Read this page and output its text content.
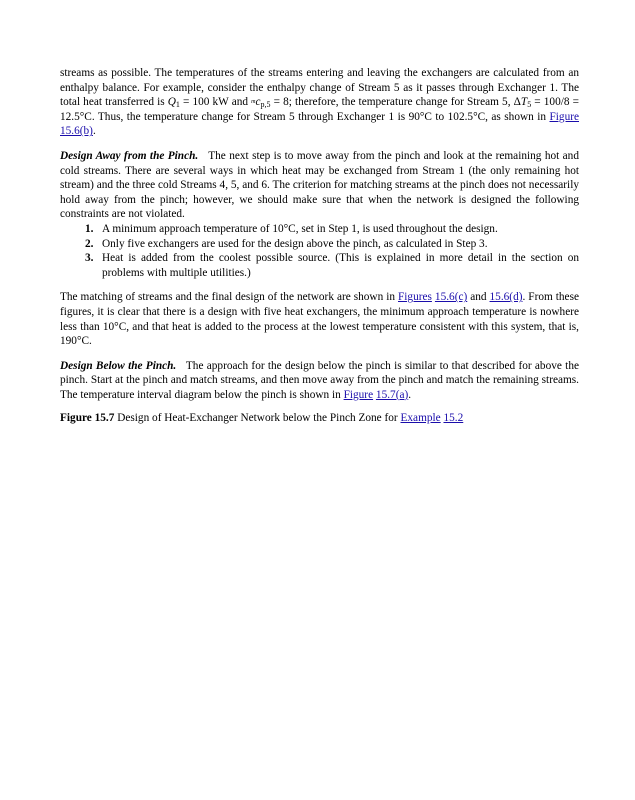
streams as possible. The temperatures of the streams entering and leaving the exchangers are calculated from an enthalpy balance. For example, consider the enthalpy change of Stream 5 as it passes through Exchanger 1. The total heat transferred is $Q_1 = 100$ kW and $mc_{p,5} = 8$; therefore, the temperature change for Stream 5, $\Delta T_5 = 100/8 = 12.5^\circ C$. Thus, the temperature change for Stream 5 through Exchanger 1 is 90°C to 102.5°C, as shown in Figure 15.6(b).

Design Away from the Pinch. The next step is to move away from the pinch and look at the remaining hot and cold streams. There are several ways in which heat may be exchanged from Stream 1 (the only remaining hot stream) and the three cold Streams 4, 5, and 6. The criterion for matching streams at the pinch does not necessarily hold away from the pinch; however, we should make sure that when the network is designed the following constraints are not violated.

1. A minimum approach temperature of 10°C, set in Step 1, is used throughout the design.
2. Only five exchangers are used for the design above the pinch, as calculated in Step 3.
3. Heat is added from the coolest possible source. (This is explained in more detail in the section on problems with multiple utilities.)

The matching of streams and the final design of the network are shown in Figures 15.6(c) and 15.6(d). From these figures, it is clear that there is a design with five heat exchangers, the minimum approach temperature is nowhere less than 10°C, and that heat is added to the process at the lowest temperature consistent with this system, that is, 190°C.

Design Below the Pinch. The approach for the design below the pinch is similar to that described for above the pinch. Start at the pinch and match streams, and then move away from the pinch and match the remaining streams. The temperature interval diagram below the pinch is shown in Figure 15.7(a).

Figure 15.7 Design of Heat-Exchanger Network below the Pinch Zone for Example 15.2
